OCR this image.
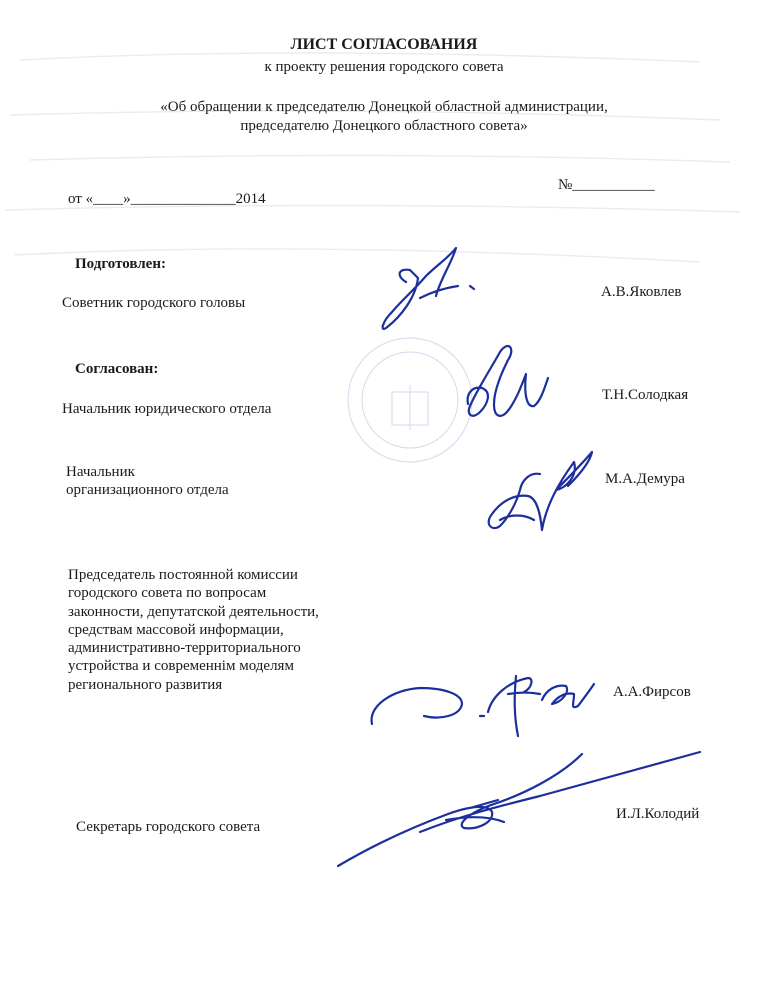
ЛИСТ СОГЛАСОВАНИЯ
к проекту решения городского совета
«Об обращении к председателю Донецкой областной администрации,
председателю Донецкого областного совета»
от «____»______________2014
№___________
Подготовлен:
Советник городского головы
А.В.Яковлев
Согласован:
Начальник юридического отдела
Т.Н.Солодкая
Начальник
организационного отдела
М.А.Демура
Председатель постоянной комиссии
городского совета по вопросам
законности, депутатской деятельности,
средствам массовой информации,
административно-территориального
устройства и современнім моделям
регионального развития	А.А.Фирсов
Секретарь городского совета
И.Л.Колодий
